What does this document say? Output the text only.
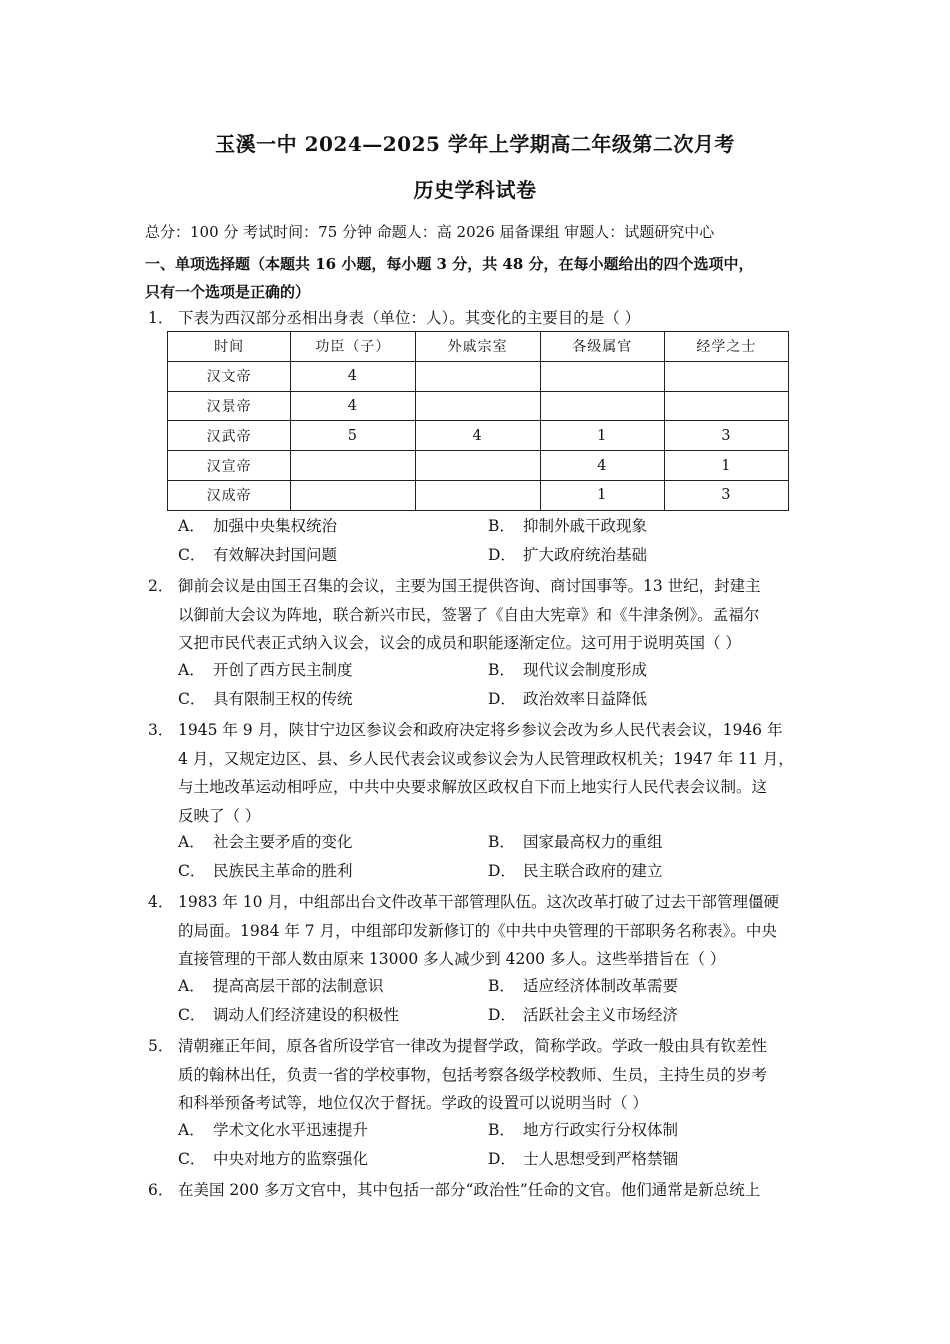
玉溪一中 2024—2025 学年上学期高二年级第二次月考
历史学科试卷
总分：100 分 考试时间：75 分钟 命题人：高 2026 届备课组 审题人：试题研究中心
一、单项选择题（本题共 16 小题，每小题 3 分，共 48 分，在每小题给出的四个选项中，
只有一个选项是正确的）
1． 下表为西汉部分丞相出身表（单位：人）。其变化的主要目的是（ ）
时间	功臣（子）	外戚宗室	各级属官	经学之士
汉文帝	4			
汉景帝	4			
汉武帝	5	4	1	3
汉宣帝			4	1
汉成帝			1	3
A． 加强中央集权统治	B． 抑制外戚干政现象
C． 有效解决封国问题	D． 扩大政府统治基础
2． 御前会议是由国王召集的会议，主要为国王提供咨询、商讨国事等。13 世纪，封建主
以御前大会议为阵地，联合新兴市民，签署了《自由大宪章》和《牛津条例》。孟福尔
又把市民代表正式纳入议会，议会的成员和职能逐渐定位。这可用于说明英国（ ）
A． 开创了西方民主制度	B． 现代议会制度形成
C． 具有限制王权的传统	D． 政治效率日益降低
3． 1945 年 9 月，陕甘宁边区参议会和政府决定将乡参议会改为乡人民代表会议，1946 年
4 月，又规定边区、县、乡人民代表会议或参议会为人民管理政权机关；1947 年 11 月，
与土地改革运动相呼应，中共中央要求解放区政权自下而上地实行人民代表会议制。这
反映了（ ）
A． 社会主要矛盾的变化	B． 国家最高权力的重组
C． 民族民主革命的胜利	D． 民主联合政府的建立
4． 1983 年 10 月，中组部出台文件改革干部管理队伍。这次改革打破了过去干部管理僵硬
的局面。1984 年 7 月，中组部印发新修订的《中共中央管理的干部职务名称表》。中央
直接管理的干部人数由原来 13000 多人减少到 4200 多人。这些举措旨在（ ）
A． 提高高层干部的法制意识	B． 适应经济体制改革需要
C． 调动人们经济建设的积极性	D． 活跃社会主义市场经济
5． 清朝雍正年间，原各省所设学官一律改为提督学政，简称学政。学政一般由具有钦差性
质的翰林出任，负责一省的学校事物，包括考察各级学校教师、生员，主持生员的岁考
和科举预备考试等，地位仅次于督抚。学政的设置可以说明当时（ ）
A． 学术文化水平迅速提升	B． 地方行政实行分权体制
C． 中央对地方的监察强化	D． 士人思想受到严格禁锢
6． 在美国 200 多万文官中，其中包括一部分“政治性”任命的文官。他们通常是新总统上
